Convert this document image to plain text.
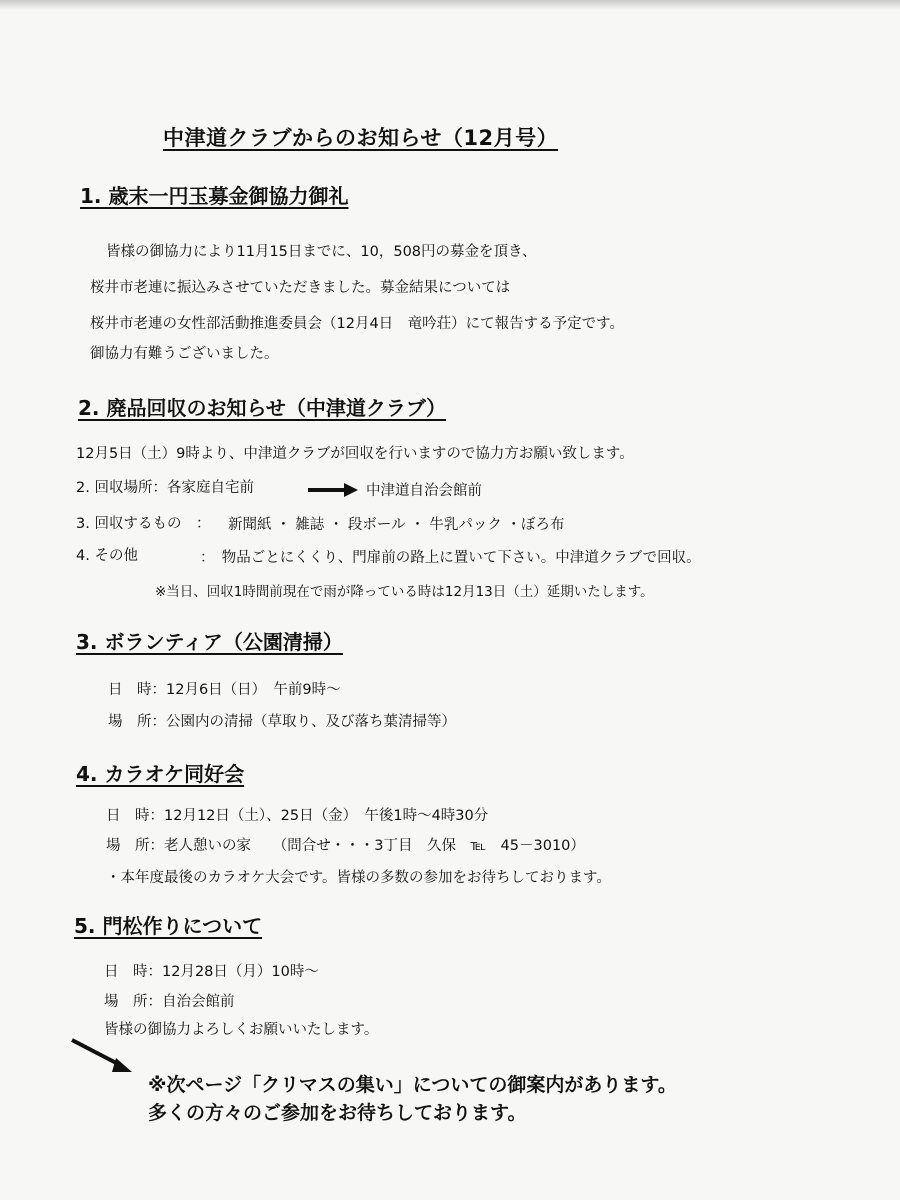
中津道クラブからのお知らせ（12月号）
1. 歳末一円玉募金御協力御礼
皆様の御協力により11月15日までに、10，508円の募金を頂き、
桜井市老連に振込みさせていただきました。募金結果については
桜井市老連の女性部活動推進委員会（12月4日　竜吟荘）にて報告する予定です。
御協力有難うございました。
2. 廃品回収のお知らせ（中津道クラブ）
12月5日（土）9時より、中津道クラブが回収を行いますので協力方お願い致します。
2. 回収場所：各家庭自宅前	中津道自治会館前
3. 回収するもの　： 新聞紙 ・ 雑誌 ・ 段ボール ・ 牛乳パック ・ぼろ布
4. その他	：　物品ごとにくくり、門扉前の路上に置いて下さい。中津道クラブで回収。
※当日、回収1時間前現在で雨が降っている時は12月13日（土）延期いたします。
3. ボランティア（公園清掃）
日　時：12月6日（日）　午前9時～
場　所：公園内の清掃（草取り、及び落ち葉清掃等）
4. カラオケ同好会
日　時：12月12日（土）、25日（金）　午後1時～4時30分
場　所：老人憩いの家　　（問合せ・・・3丁目　久保　℡　45－3010）
・本年度最後のカラオケ大会です。皆様の多数の参加をお待ちしております。
5. 門松作りについて
日　時：12月28日（月）10時～
場　所：自治会館前
皆様の御協力よろしくお願いいたします。
※次ページ「クリマスの集い」についての御案内があります。
多くの方々のご参加をお待ちしております。
